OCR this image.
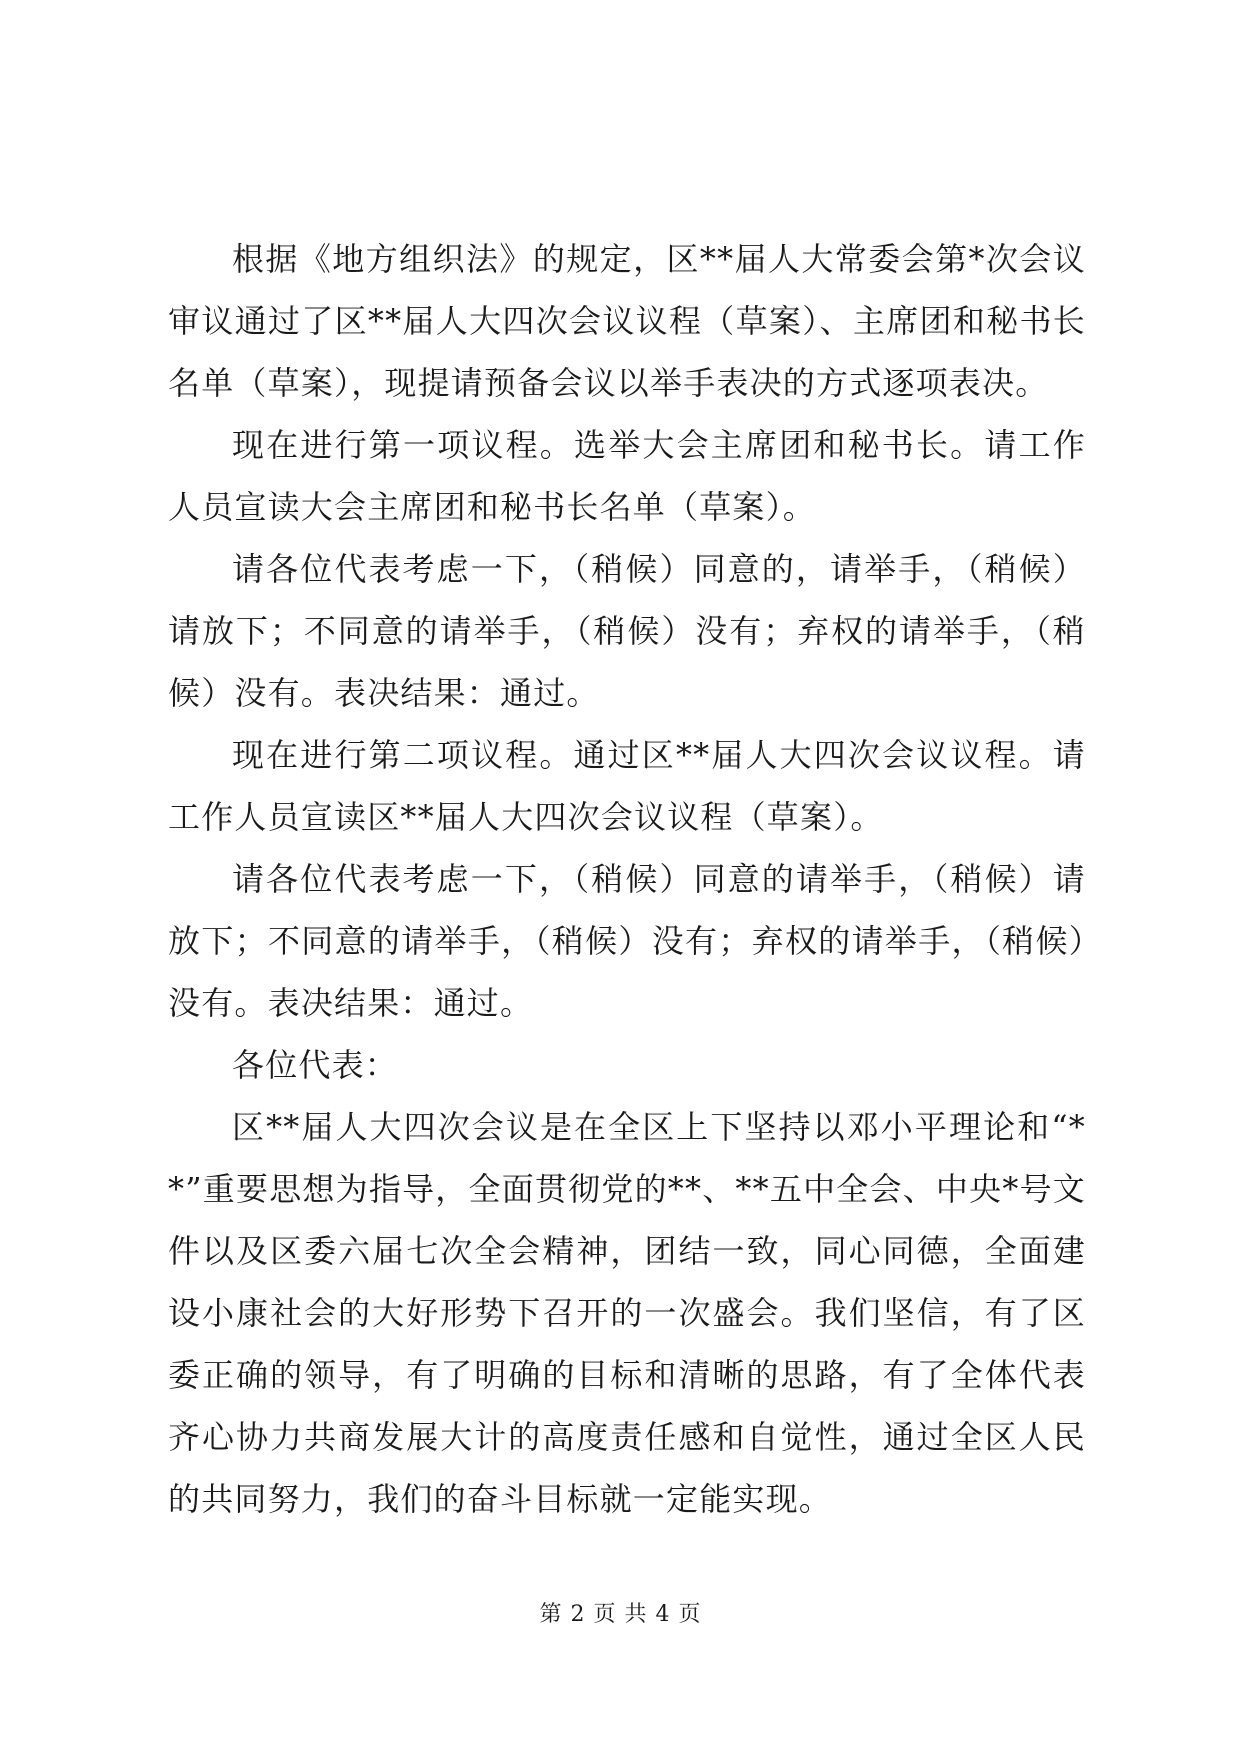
根据《地方组织法》的规定，区**届人大常委会第*次会议审议通过了区**届人大四次会议议程（草案）、主席团和秘书长名单（草案），现提请预备会议以举手表决的方式逐项表决。

现在进行第一项议程。选举大会主席团和秘书长。请工作人员宣读大会主席团和秘书长名单（草案）。

请各位代表考虑一下，（稍候）同意的，请举手，（稍候）请放下；不同意的请举手，（稍候）没有；弃权的请举手，（稍候）没有。表决结果：通过。

现在进行第二项议程。通过区**届人大四次会议议程。请工作人员宣读区**届人大四次会议议程（草案）。

请各位代表考虑一下，（稍候）同意的请举手，（稍候）请放下；不同意的请举手，（稍候）没有；弃权的请举手，（稍候）没有。表决结果：通过。

各位代表：

区**届人大四次会议是在全区上下坚持以邓小平理论和“**”重要思想为指导，全面贯彻党的**、**五中全会、中央*号文件以及区委六届七次全会精神，团结一致，同心同德，全面建设小康社会的大好形势下召开的一次盛会。我们坚信，有了区委正确的领导，有了明确的目标和清晰的思路，有了全体代表齐心协力共商发展大计的高度责任感和自觉性，通过全区人民的共同努力，我们的奋斗目标就一定能实现。

第 2 页 共 4 页
